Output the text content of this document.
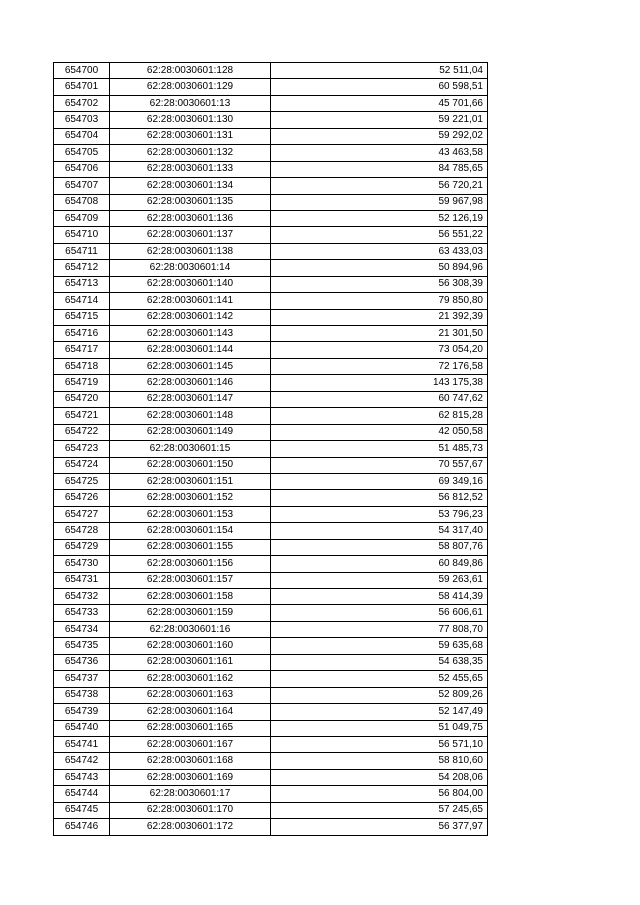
654700	62:28:0030601:128	52 511,04
654701	62:28:0030601:129	60 598,51
654702	62:28:0030601:13	45 701,66
654703	62:28:0030601:130	59 221,01
654704	62:28:0030601:131	59 292,02
654705	62:28:0030601:132	43 463,58
654706	62:28:0030601:133	84 785,65
654707	62:28:0030601:134	56 720,21
654708	62:28:0030601:135	59 967,98
654709	62:28:0030601:136	52 126,19
654710	62:28:0030601:137	56 551,22
654711	62:28:0030601:138	63 433,03
654712	62:28:0030601:14	50 894,96
654713	62:28:0030601:140	56 308,39
654714	62:28:0030601:141	79 850,80
654715	62:28:0030601:142	21 392,39
654716	62:28:0030601:143	21 301,50
654717	62:28:0030601:144	73 054,20
654718	62:28:0030601:145	72 176,58
654719	62:28:0030601:146	143 175,38
654720	62:28:0030601:147	60 747,62
654721	62:28:0030601:148	62 815,28
654722	62:28:0030601:149	42 050,58
654723	62:28:0030601:15	51 485,73
654724	62:28:0030601:150	70 557,67
654725	62:28:0030601:151	69 349,16
654726	62:28:0030601:152	56 812,52
654727	62:28:0030601:153	53 796,23
654728	62:28:0030601:154	54 317,40
654729	62:28:0030601:155	58 807,76
654730	62:28:0030601:156	60 849,86
654731	62:28:0030601:157	59 263,61
654732	62:28:0030601:158	58 414,39
654733	62:28:0030601:159	56 606,61
654734	62:28:0030601:16	77 808,70
654735	62:28:0030601:160	59 635,68
654736	62:28:0030601:161	54 638,35
654737	62:28:0030601:162	52 455,65
654738	62:28:0030601:163	52 809,26
654739	62:28:0030601:164	52 147,49
654740	62:28:0030601:165	51 049,75
654741	62:28:0030601:167	56 571,10
654742	62:28:0030601:168	58 810,60
654743	62:28:0030601:169	54 208,06
654744	62:28:0030601:17	56 804,00
654745	62:28:0030601:170	57 245,65
654746	62:28:0030601:172	56 377,97
